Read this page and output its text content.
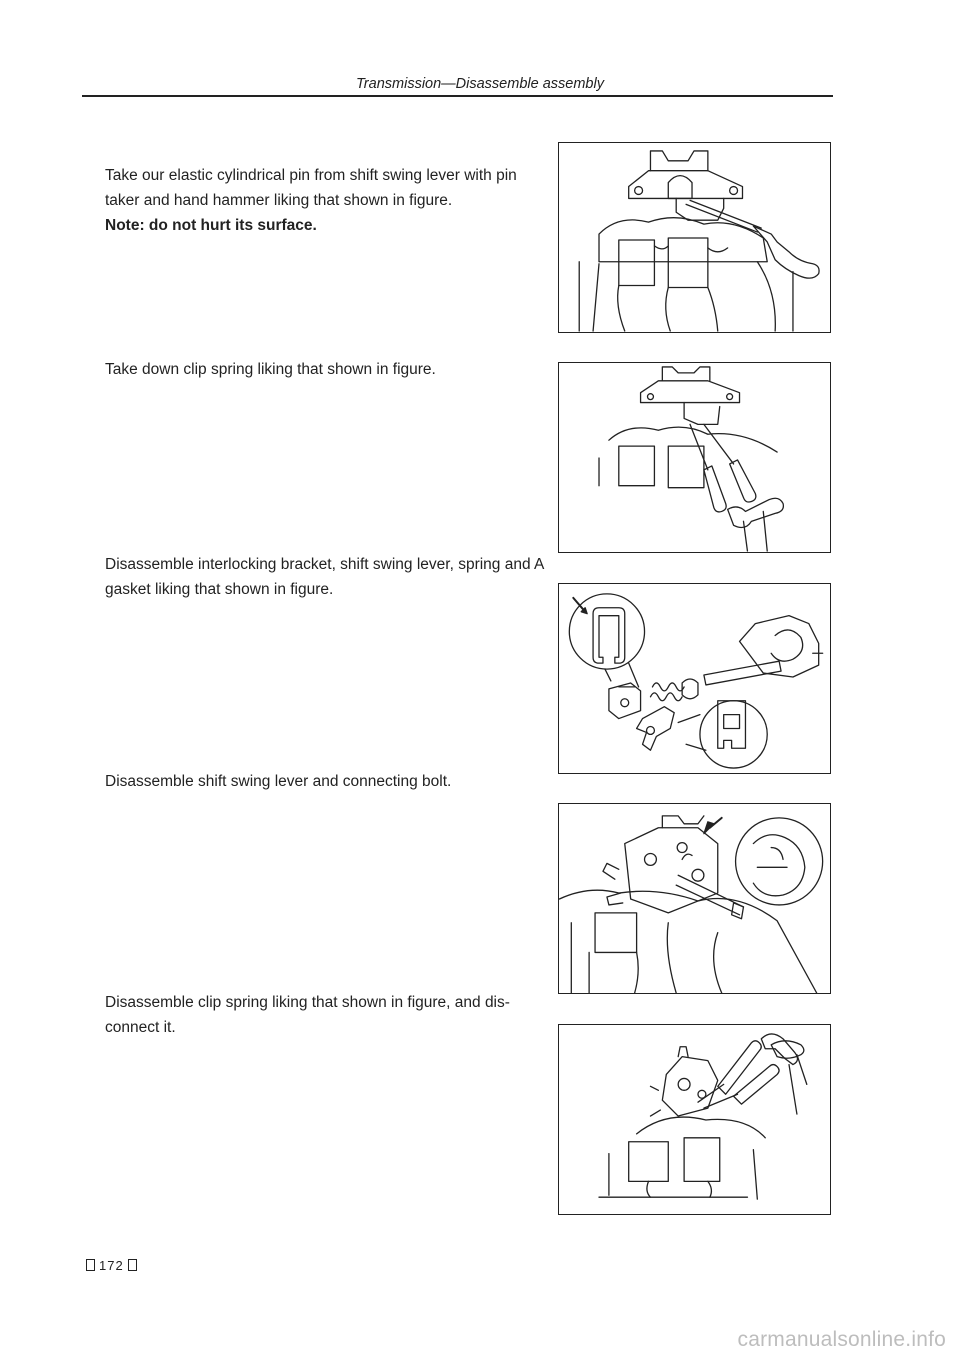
Transmission—Disassemble assembly

Take our elastic cylindrical pin from shift swing lever with pin taker and hand hammer liking that shown in figure.

Note: do not hurt its surface.

Take down clip spring liking that shown in figure.

Disassemble interlocking bracket, shift swing lever, spring and A gasket liking that shown in figure.

Disassemble shift swing lever and connecting bolt.

Disassemble clip spring liking that shown in figure, and dis-connect it.

172
carmanualsonline.info
